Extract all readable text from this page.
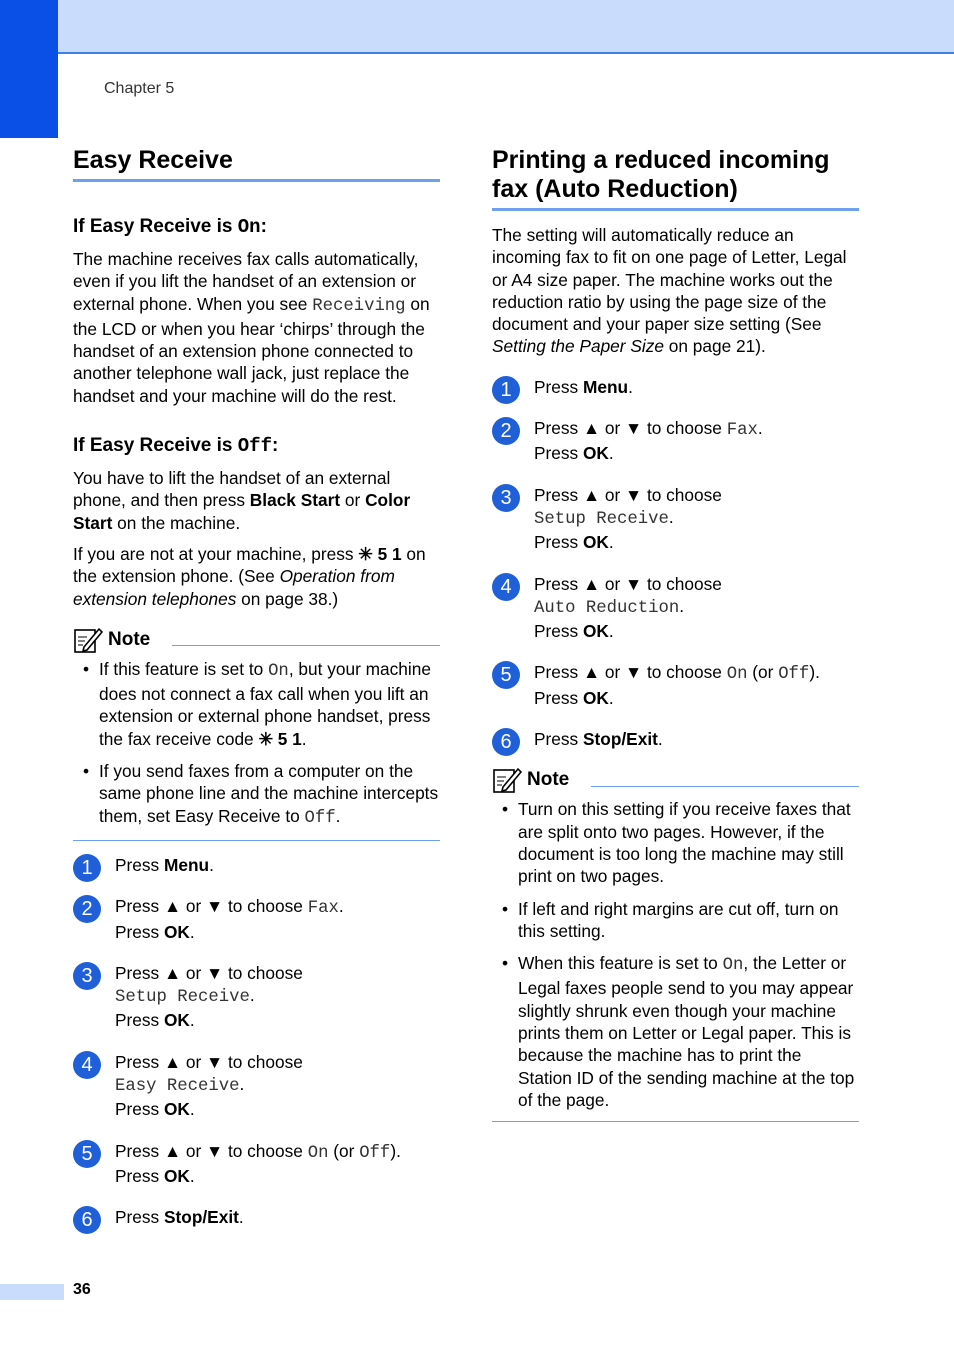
Chapter 5
Easy Receive
If Easy Receive is On:

The machine receives fax calls automatically, even if you lift the handset of an extension or external phone. When you see Receiving on the LCD or when you hear ‘chirps’ through the handset of an extension phone connected to another telephone wall jack, just replace the handset and your machine will do the rest.

If Easy Receive is Off:

You have to lift the handset of an external phone, and then press Black Start or Color Start on the machine.

If you are not at your machine, press ✳ 5 1 on the extension phone. (See Operation from extension telephones on page 38.)

Note
• If this feature is set to On, but your machine does not connect a fax call when you lift an extension or external phone handset, press the fax receive code ✳ 5 1.
• If you send faxes from a computer on the same phone line and the machine intercepts them, set Easy Receive to Off.
1	Press Menu.
2	Press ▲ or ▼ to choose Fax.
Press OK.
3	Press ▲ or ▼ to choose
Setup Receive.
Press OK.
4	Press ▲ or ▼ to choose
Easy Receive.
Press OK.
5	Press ▲ or ▼ to choose On (or Off).
Press OK.
6	Press Stop/Exit.
Printing a reduced incoming fax (Auto Reduction)

The setting will automatically reduce an incoming fax to fit on one page of Letter, Legal or A4 size paper. The machine works out the reduction ratio by using the page size of the document and your paper size setting (See Setting the Paper Size on page 21).

1	Press Menu.
2	Press ▲ or ▼ to choose Fax.
Press OK.
3	Press ▲ or ▼ to choose
Setup Receive.
Press OK.
4	Press ▲ or ▼ to choose
Auto Reduction.
Press OK.
5	Press ▲ or ▼ to choose On (or Off).
Press OK.
6	Press Stop/Exit.
Note
• Turn on this setting if you receive faxes that are split onto two pages. However, if the document is too long the machine may still print on two pages.
• If left and right margins are cut off, turn on this setting.
• When this feature is set to On, the Letter or Legal faxes people send to you may appear slightly shrunk even though your machine prints them on Letter or Legal paper. This is because the machine has to print the Station ID of the sending machine at the top of the page.
36
